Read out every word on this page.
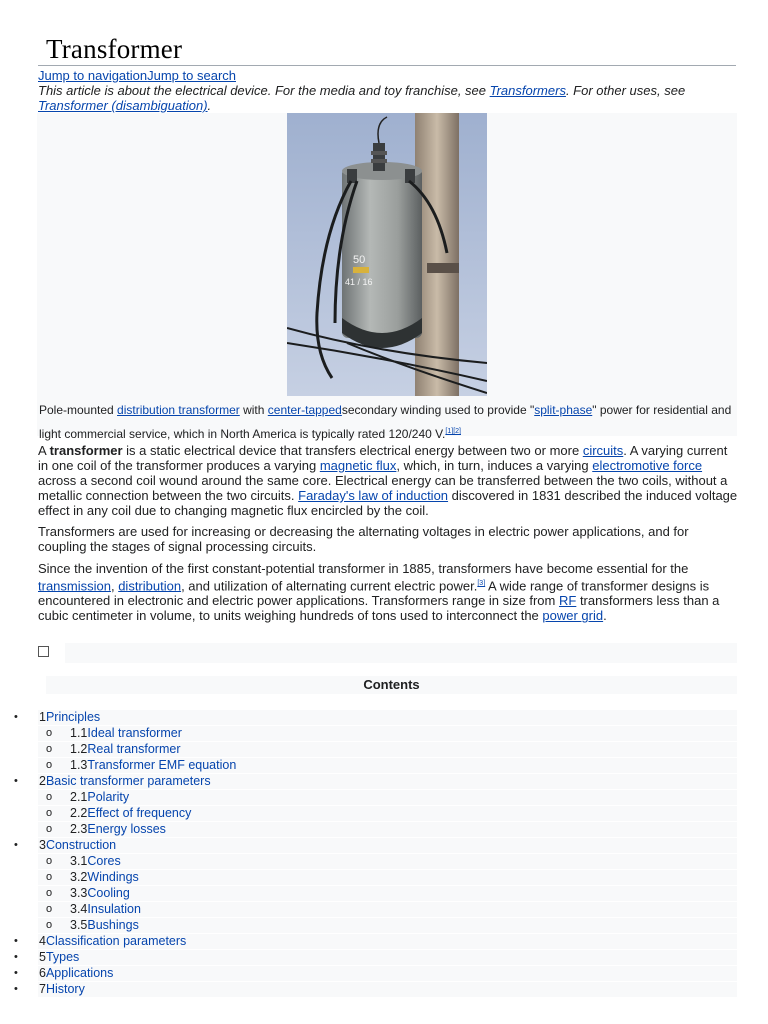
Transformer
Jump to navigationJump to search
This article is about the electrical device. For the media and toy franchise, see Transformers. For other uses, see Transformer (disambiguation).
50
41 / 16
Pole-mounted distribution transformer with center-tappedsecondary winding used to provide "split-phase" power for residential and light commercial service, which in North America is typically rated 120/240 V.[1][2]

A transformer is a static electrical device that transfers electrical energy between two or more circuits. A varying current in one coil of the transformer produces a varying magnetic flux, which, in turn, induces a varying electromotive force across a second coil wound around the same core. Electrical energy can be transferred between the two coils, without a metallic connection between the two circuits. Faraday's law of induction discovered in 1831 described the induced voltage effect in any coil due to changing magnetic flux encircled by the coil.

Transformers are used for increasing or decreasing the alternating voltages in electric power applications, and for coupling the stages of signal processing circuits.

Since the invention of the first constant-potential transformer in 1885, transformers have become essential for the transmission, distribution, and utilization of alternating current electric power.[3] A wide range of transformer designs is encountered in electronic and electric power applications. Transformers range in size from RF transformers less than a cubic centimeter in volume, to units weighing hundreds of tons used to interconnect the power grid.

Contents
• 1Principles
o 1.1Ideal transformer
o 1.2Real transformer
o 1.3Transformer EMF equation
• 2Basic transformer parameters
o 2.1Polarity
o 2.2Effect of frequency
o 2.3Energy losses
• 3Construction
o 3.1Cores
o 3.2Windings
o 3.3Cooling
o 3.4Insulation
o 3.5Bushings
• 4Classification parameters
• 5Types
• 6Applications
• 7History
